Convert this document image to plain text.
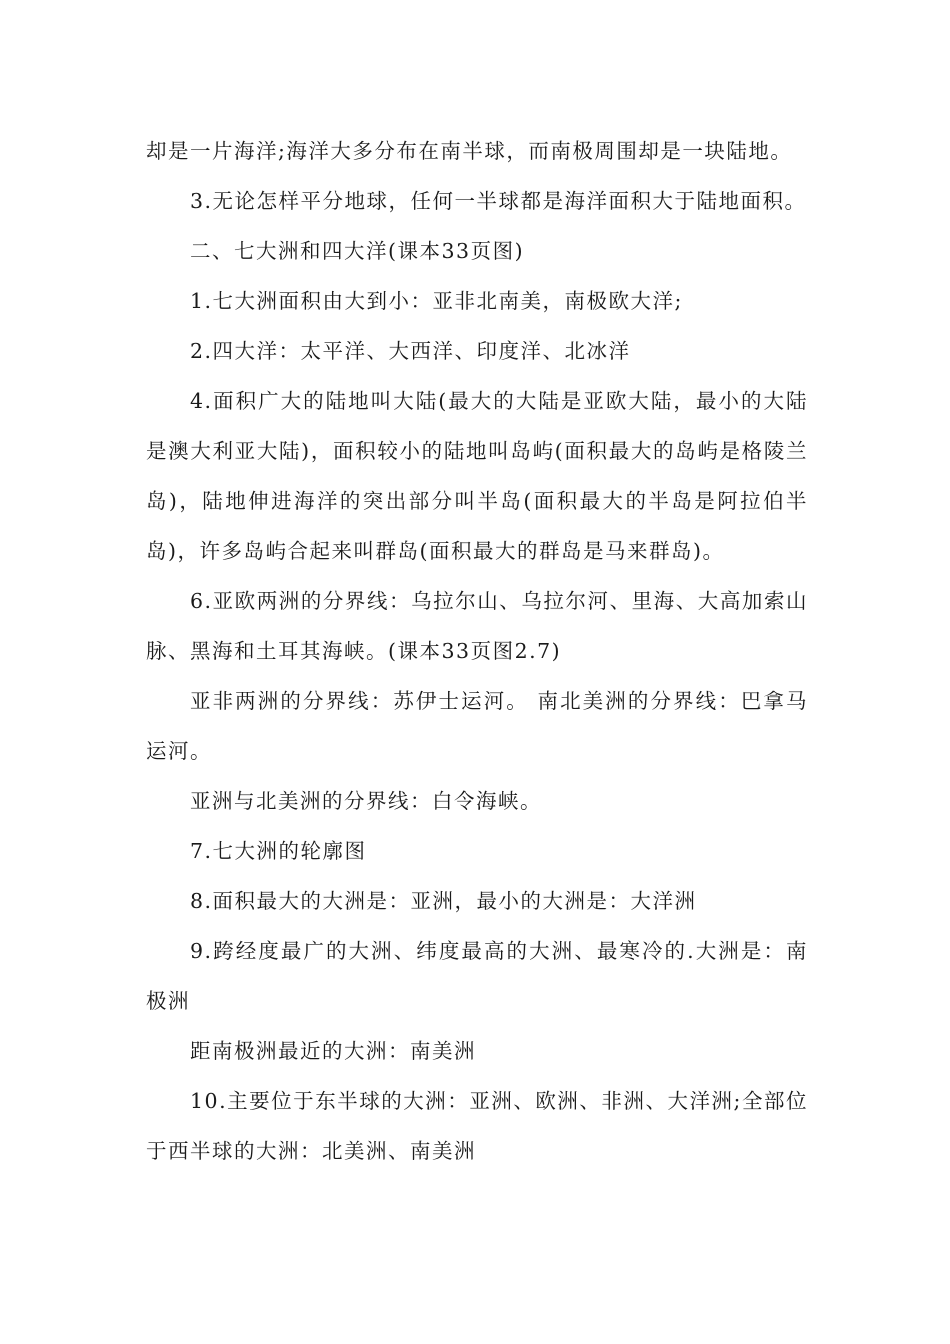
却是一片海洋;海洋大多分布在南半球，而南极周围却是一块陆地。

3.无论怎样平分地球，任何一半球都是海洋面积大于陆地面积。

二、七大洲和四大洋(课本33页图)

1.七大洲面积由大到小：亚非北南美，南极欧大洋;

2.四大洋：太平洋、大西洋、印度洋、北冰洋

4.面积广大的陆地叫大陆(最大的大陆是亚欧大陆，最小的大陆是澳大利亚大陆)，面积较小的陆地叫岛屿(面积最大的岛屿是格陵兰岛)，陆地伸进海洋的突出部分叫半岛(面积最大的半岛是阿拉伯半岛)，许多岛屿合起来叫群岛(面积最大的群岛是马来群岛)。

6.亚欧两洲的分界线：乌拉尔山、乌拉尔河、里海、大高加索山脉、黑海和土耳其海峡。(课本33页图2.7)

亚非两洲的分界线：苏伊士运河。 南北美洲的分界线：巴拿马运河。

亚洲与北美洲的分界线：白令海峡。

7.七大洲的轮廓图

8.面积最大的大洲是：亚洲，最小的大洲是：大洋洲

9.跨经度最广的大洲、纬度最高的大洲、最寒冷的.大洲是：南极洲

距南极洲最近的大洲：南美洲

10.主要位于东半球的大洲：亚洲、欧洲、非洲、大洋洲;全部位于西半球的大洲：北美洲、南美洲
